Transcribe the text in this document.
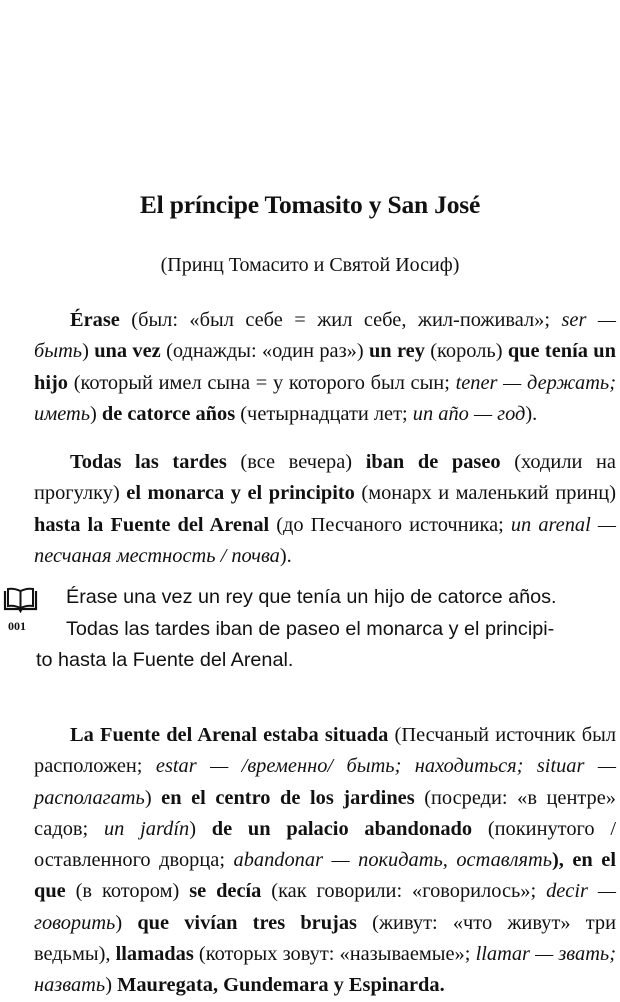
El príncipe Tomasito y San José
(Принц Томасито и Святой Иосиф)

Érase (был: «был себе = жил себе, жил-поживал»; ser — быть) una vez (однажды: «один раз») un rey (король) que tenía un hijo (который имел сына = у которого был сын; tener — держать; иметь) de catorce años (четырнадцати лет; un año — год).

Todas las tardes (все вечера) iban de paseo (ходили на прогулку) el monarca y el principito (монарх и маленький принц) hasta la Fuente del Arenal (до Песчаного источника; un arenal — песчаная местность / почва).

001
Érase una vez un rey que tenía un hijo de catorce años.
Todas las tardes iban de paseo el monarca y el principi-
to hasta la Fuente del Arenal.

La Fuente del Arenal estaba situada (Песчаный источник был расположен; estar — /временно/ быть; находиться; situar — располагать) en el centro de los jardines (посреди: «в центре» садов; un jardín) de un palacio abandonado (покинутого / оставленного дворца; abandonar — покидать, оставлять), en el que (в котором) se decía (как говорили: «говорилось»; decir — говорить) que vivían tres brujas (живут: «что живут» три ведьмы), llamadas (которых зовут: «называемые»; llamar — звать; назвать) Mauregata, Gundemara y Espinarda.
